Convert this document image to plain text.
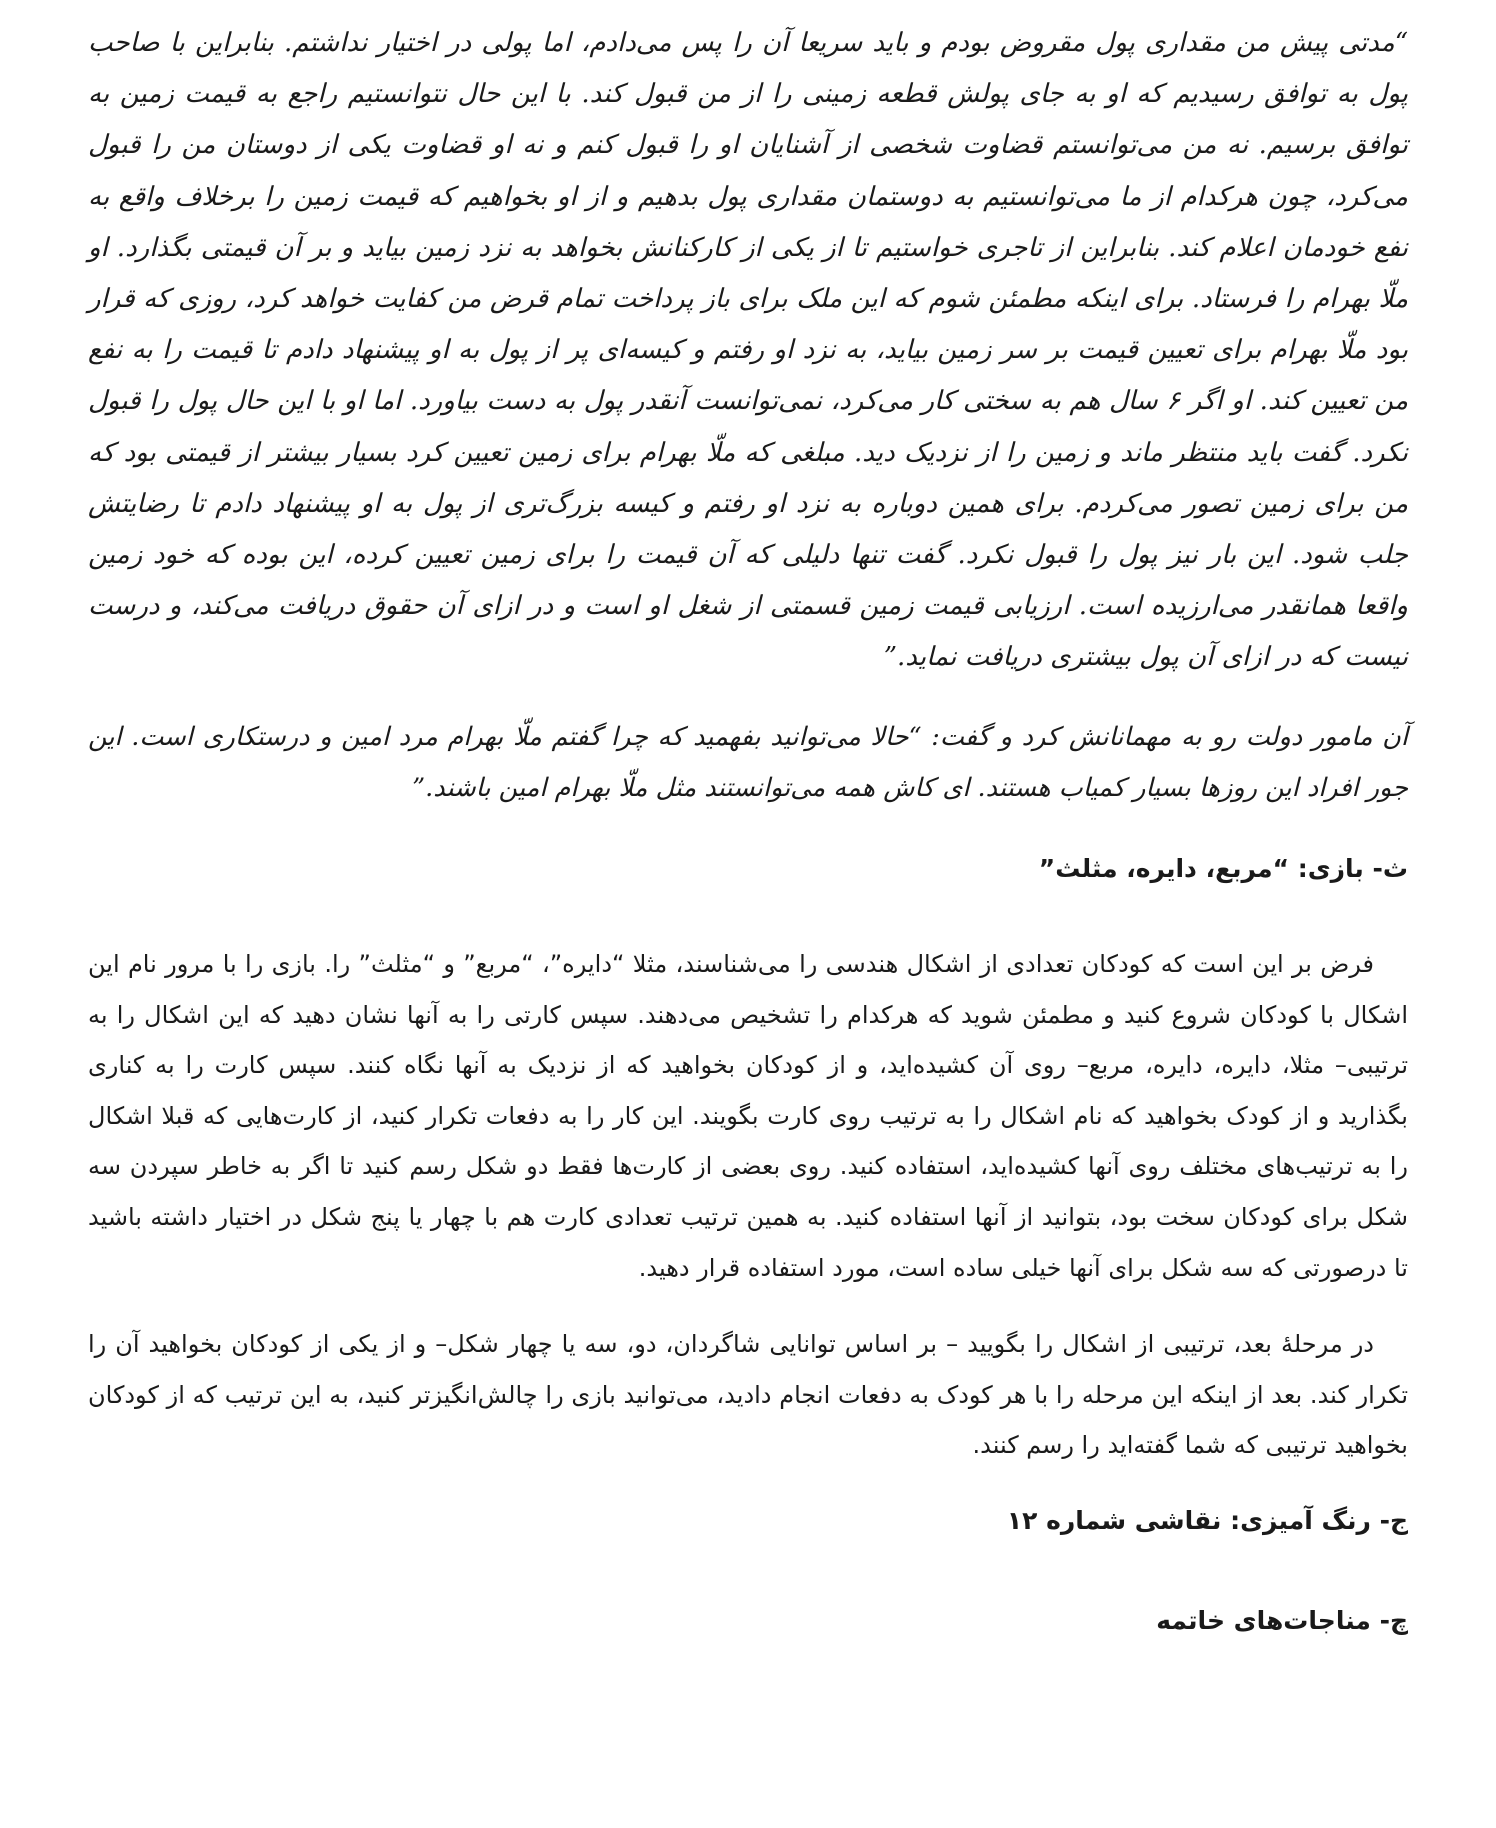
“مدتی پیش من مقداری پول مقروض بودم و باید سریعا آن را پس می‌دادم، اما پولی در اختیار نداشتم. بنابراین با صاحب پول به توافق رسیدیم که او به جای پولش قطعه زمینی را از من قبول کند. با این حال نتوانستیم راجع به قیمت زمین به توافق برسیم. نه من می‌توانستم قضاوت شخصی از آشنایان او را قبول کنم و نه او قضاوت یکی از دوستان من را قبول می‌کرد، چون هرکدام از ما می‌توانستیم به دوستمان مقداری پول بدهیم و از او بخواهیم که قیمت زمین را برخلاف واقع به نفع خودمان اعلام کند. بنابراین از تاجری خواستیم تا از یکی از کارکنانش بخواهد به نزد زمین بیاید و بر آن قیمتی بگذارد. او ملّا بهرام را فرستاد. برای اینکه مطمئن شوم که این ملک برای باز پرداخت تمام قرض من کفایت خواهد کرد، روزی که قرار بود ملّا بهرام برای تعیین قیمت بر سر زمین بیاید، به نزد او رفتم و کیسه‌ای پر از پول به او پیشنهاد دادم تا قیمت را به نفع من تعیین کند. او اگر ۶ سال هم به سختی کار می‌کرد، نمی‌توانست آنقدر پول به دست بیاورد. اما او با این حال پول را قبول نکرد. گفت باید منتظر ماند و زمین را از نزدیک دید. مبلغی که ملّا بهرام برای زمین تعیین کرد بسیار بیشتر از قیمتی بود که من برای زمین تصور می‌کردم. برای همین دوباره به نزد او رفتم و کیسه بزرگ‌تری از پول به او پیشنهاد دادم تا رضایتش جلب شود. این بار نیز پول را قبول نکرد. گفت تنها دلیلی که آن قیمت را برای زمین تعیین کرده، این بوده که خود زمین واقعا همانقدر می‌ارزیده است. ارزیابی قیمت زمین قسمتی از شغل او است و در ازای آن حقوق دریافت می‌کند، و درست نیست که در ازای آن پول بیشتری دریافت نماید.”

آن مامور دولت رو به مهمانانش کرد و گفت: “حالا می‌توانید بفهمید که چرا گفتم ملّا بهرام مرد امین و درستکاری است. این جور افراد این روزها بسیار کمیاب هستند. ای کاش همه می‌توانستند مثل ملّا بهرام امین باشند.”

ث- بازی: “مربع، دایره، مثلث”

فرض بر این است که کودکان تعدادی از اشکال هندسی را می‌شناسند، مثلا “دایره”، “مربع” و “مثلث” را. بازی را با مرور نام این اشکال با کودکان شروع کنید و مطمئن شوید که هرکدام را تشخیص می‌دهند. سپس کارتی را به آنها نشان دهید که این اشکال را به ترتیبی– مثلا، دایره، دایره، مربع– روی آن کشیده‌اید، و از کودکان بخواهید که از نزدیک به آنها نگاه کنند. سپس کارت را به کناری بگذارید و از کودک بخواهید که نام اشکال را به ترتیب روی کارت بگویند. این کار را به دفعات تکرار کنید، از کارت‌هایی که قبلا اشکال را به ترتیب‌های مختلف روی آنها کشیده‌اید، استفاده کنید. روی بعضی از کارت‌ها فقط دو شکل رسم کنید تا اگر به خاطر سپردن سه شکل برای کودکان سخت بود، بتوانید از آنها استفاده کنید. به همین ترتیب تعدادی کارت هم با چهار یا پنج شکل در اختیار داشته باشید تا درصورتی که سه شکل برای آنها خیلی ساده است، مورد استفاده قرار دهید.

در مرحلۀ بعد، ترتیبی از اشکال را بگویید – بر اساس توانایی شاگردان، دو، سه یا چهار شکل– و از یکی از کودکان بخواهید آن را تکرار کند. بعد از اینکه این مرحله را با هر کودک به دفعات انجام دادید، می‌توانید بازی را چالش‌انگیزتر کنید، به این ترتیب که از کودکان بخواهید ترتیبی که شما گفته‌اید را رسم کنند.

ج- رنگ آمیزی: نقاشی شماره ۱۲
چ- مناجات‌های خاتمه
